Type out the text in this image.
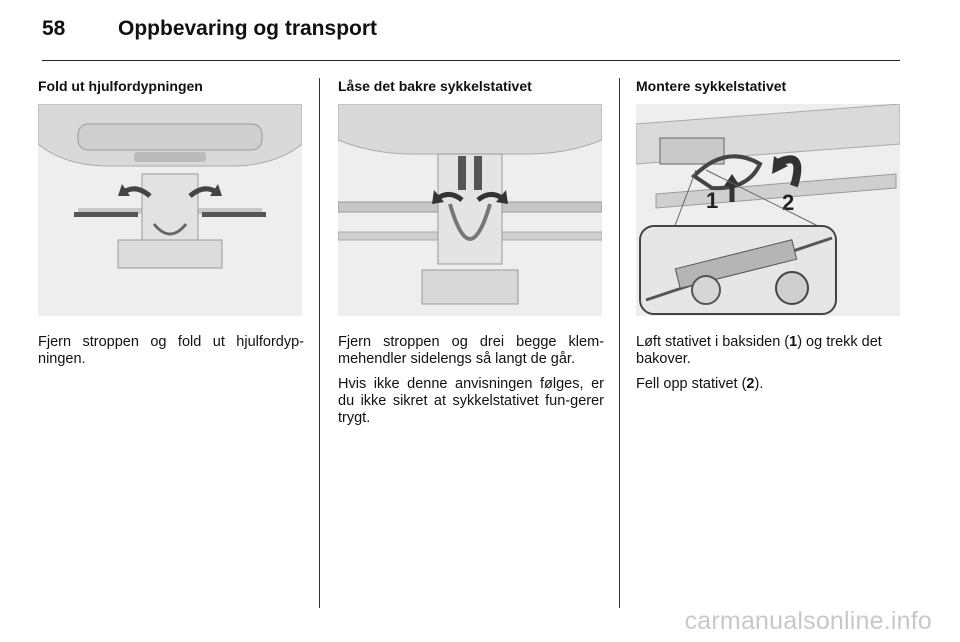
58	Oppbevaring og transport
Fold ut hjulfordypningen

Fjern stroppen og fold ut hjulfordyp-ningen.

Låse det bakre sykkelstativet

Fjern stroppen og drei begge klem-mehendler sidelengs så langt de går.

Hvis ikke denne anvisningen følges, er du ikke sikret at sykkelstativet fun-gerer trygt.

Montere sykkelstativet
1	2

Løft stativet i baksiden (1) og trekk det bakover.

Fell opp stativet (2).

carmanualsonline.info
